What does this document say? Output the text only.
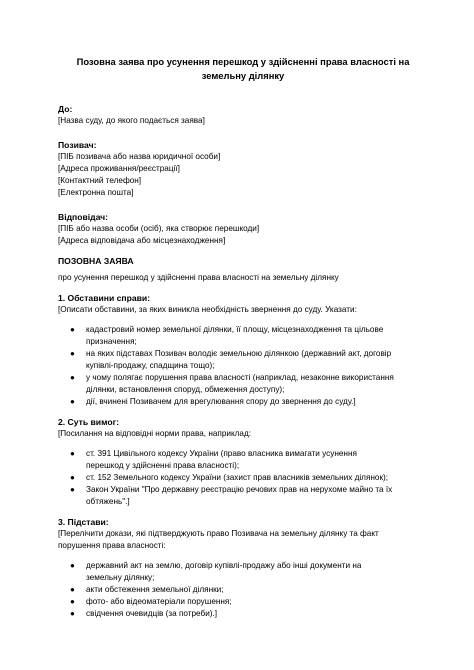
Позовна заява про усунення перешкод у здійсненні права власності на
земельну ділянку
До:
[Назва суду, до якого подається заява]
Позивач:
[ПІБ позивача або назва юридичної особи]
[Адреса проживання/реєстрації]
[Контактний телефон]
[Електронна пошта]
Відповідач:
[ПІБ або назва особи (осіб), яка створює перешкоди]
[Адреса відповідача або місцезнаходження]
ПОЗОВНА ЗАЯВА
про усунення перешкод у здійсненні права власності на земельну ділянку
1. Обставини справи:
[Описати обставини, за яких виникла необхідність звернення до суду. Указати:
● кадастровий номер земельної ділянки, її площу, місцезнаходження та цільове
призначення;
● на яких підставах Позивач володіє земельною ділянкою (державний акт, договір
купівлі-продажу, спадщина тощо);
● у чому полягає порушення права власності (наприклад, незаконне використання
ділянки, встановлення споруд, обмеження доступу);
● дії, вчинені Позивачем для врегулювання спору до звернення до суду.]
2. Суть вимог:
[Посилання на відповідні норми права, наприклад:
● ст. 391 Цивільного кодексу України (право власника вимагати усунення
перешкод у здійсненні права власності);
● ст. 152 Земельного кодексу України (захист прав власників земельних ділянок);
● Закон України "Про державну реєстрацію речових прав на нерухоме майно та їх
обтяжень".]
3. Підстави:
[Перелічити докази, які підтверджують право Позивача на земельну ділянку та факт
порушення права власності:
● державний акт на землю, договір купівлі-продажу або інші документи на
земельну ділянку;
● акти обстеження земельної ділянки;
● фото- або відеоматеріали порушення;
● свідчення очевидців (за потреби).]
